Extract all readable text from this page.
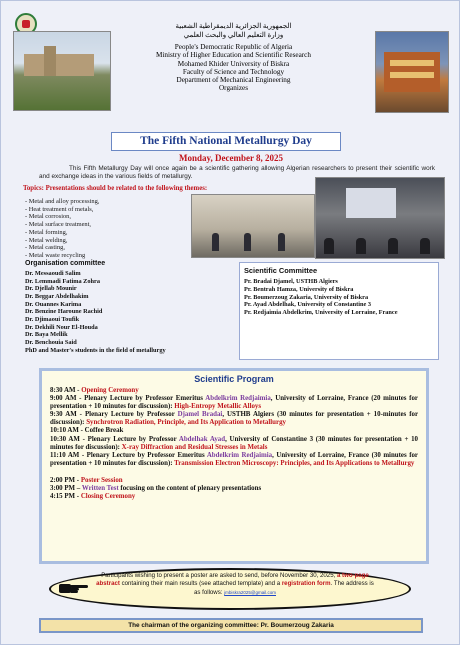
الجمهورية الجزائرية الديمقراطية الشعبية
وزارة التعليم العالي والبحث العلمي
People's Democratic Republic of Algeria
Ministry of Higher Education and Scientific Research
Mohamed Khider University of Biskra
Faculty of Science and Technology
Department of Mechanical Engineering
Organizes
The Fifth National Metallurgy Day
Monday, December 8, 2025
This Fifth Metallurgy Day will once again be a scientific gathering allowing Algerian researchers to present their scientific work and exchange ideas in the various fields of metallurgy.
Topics: Presentations should be related to the following themes:
- Metal and alloy processing,
- Heat treatment of metals,
- Metal corrosion,
- Metal surface treatment,
- Metal forming,
- Metal welding,
- Metal casting,
- Metal waste recycling
Organisation committee
Dr. Messaoudi Salim
Dr. Lemmadi Fatima Zohra
Dr. Djellab Mounir
Dr. Beggar Abdelhakim
Dr. Ouannes Karima
Dr. Benzine Haroune Rachid
Dr. Djimaoui Toufik
Dr. Dekhili Nour El-Houda
Dr. Baya Mellik
Dr. Benchouia Said
PhD and Master's students in the field of metallurgy
Scientific Committee
Pr. Bradai Djamel, USTHB Algiers
Pr. Bentrah Hamza, University of Biskra
Pr. Boumerzoug Zakaria, University of Biskra
Pr. Ayad Abdelhak, University of Constantine 3
Pr. Redjaimia Abdelkrim, University of Lorraine, France
Scientific Program
8:30 AM - Opening Ceremony
9:00 AM - Plenary Lecture by Professor Emeritus Abdelkrim Redjaimia, University of Lorraine, France (20 minutes for presentation + 10 minutes for discussion): High-Entropy Metallic Alloys
9:30 AM - Plenary Lecture by Professor Djamel Bradai, USTHB Algiers (30 minutes for presentation + 10-minutes for discussion): Synchrotron Radiation, Principle, and Its Application to Metallurgy
10:10 AM - Coffee Break
10:30 AM - Plenary Lecture by Professor Abdelhak Ayad, University of Constantine 3 (30 minutes for presentation + 10 minutes for discussion): X-ray Diffraction and Residual Stresses in Metals
11:10 AM - Plenary Lecture by Professor Emeritus Abdelkrim Redjaimia, University of Lorraine, France (30 minutes for presentation + 10 minutes for discussion): Transmission Electron Microscopy: Principles, and Its Applications to Metallurgy
2:00 PM - Poster Session
3:00 PM – Written Test focusing on the content of plenary presentations
4:15 PM - Closing Ceremony
Participants wishing to present a poster are asked to send, before November 30, 2025, a two-page abstract containing their main results (see attached template) and a registration form. The address is as follows: jmbiskra2025@gmail.com
The chairman of the organizing committee: Pr. Boumerzoug Zakaria
